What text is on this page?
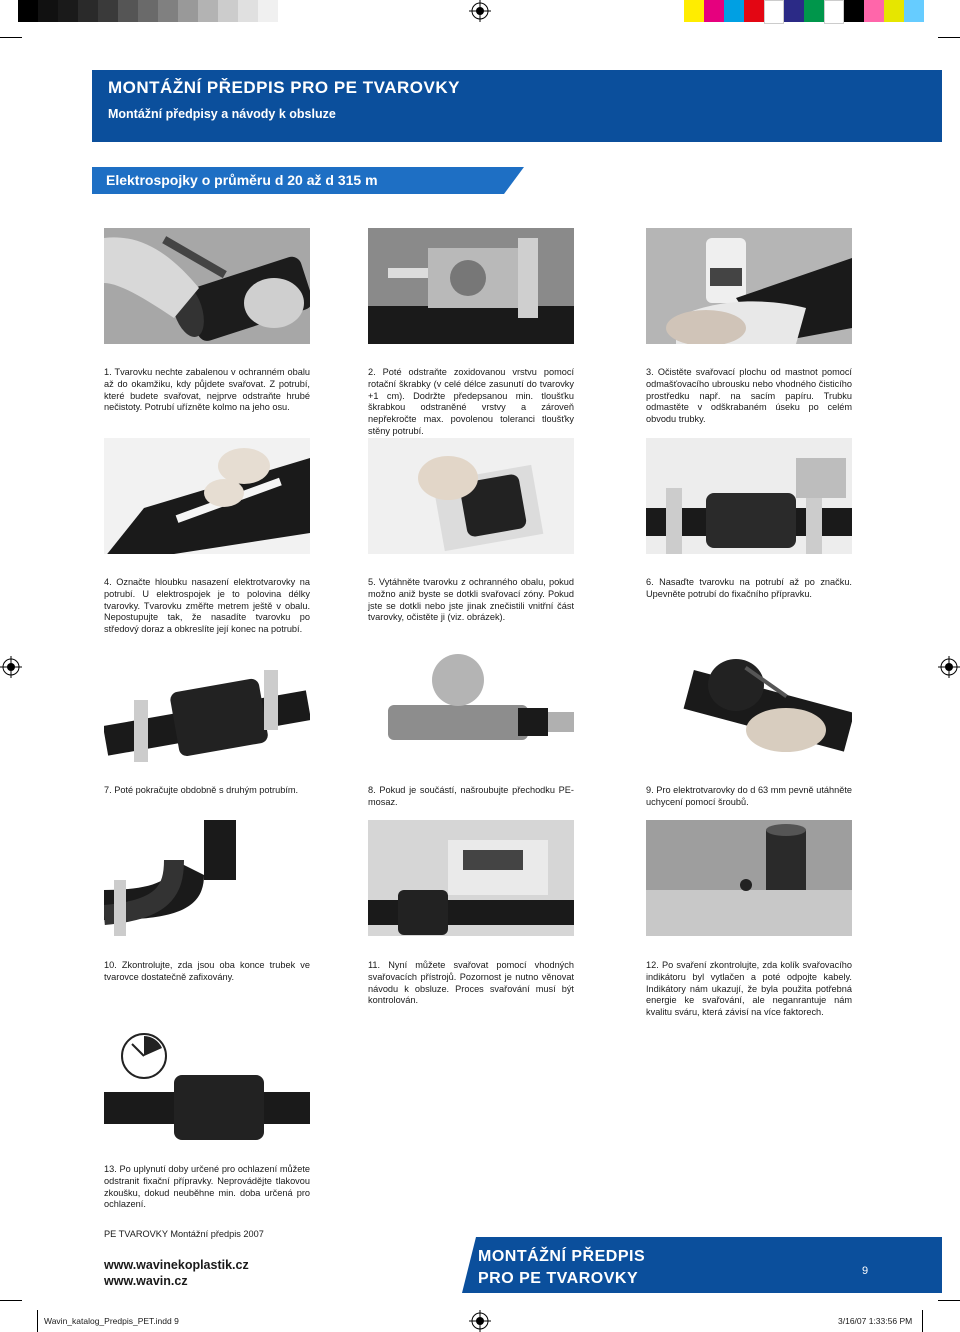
MONTÁŽNÍ PŘEDPIS PRO PE TVAROVKY
Montážní předpisy a návody k obsluze
Elektrospojky o průměru d 20 až d 315 m
1. Tvarovku nechte zabalenou v ochranném obalu až do okamžiku, kdy půjdete svařovat. Z potrubí, které budete svařovat, nejprve odstraňte hrubé nečistoty. Potrubí uřízněte kolmo na jeho osu.
2. Poté odstraňte zoxidovanou vrstvu pomocí rotační škrabky (v celé délce zasunutí do tvarovky +1 cm). Dodržte předepsanou min. tloušťku škrabkou odstraněné vrstvy a zároveň nepřekročte max. povolenou toleranci tloušťky stěny potrubí.
3. Očistěte svařovací plochu od mastnot pomocí odmašťovacího ubrousku nebo vhodného čisticího prostředku např. na sacím papíru. Trubku odmastěte v odškrabaném úseku po celém obvodu trubky.
4. Označte hloubku nasazení elektrotvarovky na potrubí. U elektrospojek je to polovina délky tvarovky. Tvarovku změřte metrem ještě v obalu. Nepostupujte tak, že nasadíte tvarovku po středový doraz a obkreslíte její konec na potrubí.
5. Vytáhněte tvarovku z ochranného obalu, pokud možno aniž byste se dotkli svařovací zóny. Pokud jste se dotkli nebo jste jinak znečistili vnitřní část tvarovky, očistěte ji (viz. obrázek).
6. Nasaďte tvarovku na potrubí až po značku. Upevněte potrubí do fixačního přípravku.
7. Poté pokračujte obdobně s druhým potrubím.	8. Pokud je součástí, našroubujte přechodku PE-mosaz.
9. Pro elektrotvarovky do d 63 mm pevně utáhněte uchycení pomocí šroubů.
10. Zkontrolujte, zda jsou oba konce trubek ve tvarovce dostatečně zafixovány.
11. Nyní můžete svařovat pomocí vhodných svařovacích přístrojů. Pozornost je nutno věnovat návodu k obsluze. Proces svařování musí být kontrolován.
12. Po svaření zkontrolujte, zda kolík svařovacího indikátoru byl vytlačen a poté odpojte kabely. Indikátory nám ukazují, že byla použita potřebná energie ke svařování, ale neganrantuje nám kvalitu sváru, která závisí na více faktorech.
13. Po uplynutí doby určené pro ochlazení můžete odstranit fixační přípravky. Neprovádějte tlakovou zkoušku, dokud neuběhne min. doba určená pro ochlazení.
PE TVAROVKY Montážní předpis 2007
www.wavinekoplastik.cz
www.wavin.cz
MONTÁŽNÍ PŘEDPIS
PRO PE TVAROVKY	9
Wavin_katalog_Predpis_PET.indd 9	3/16/07 1:33:56 PM
